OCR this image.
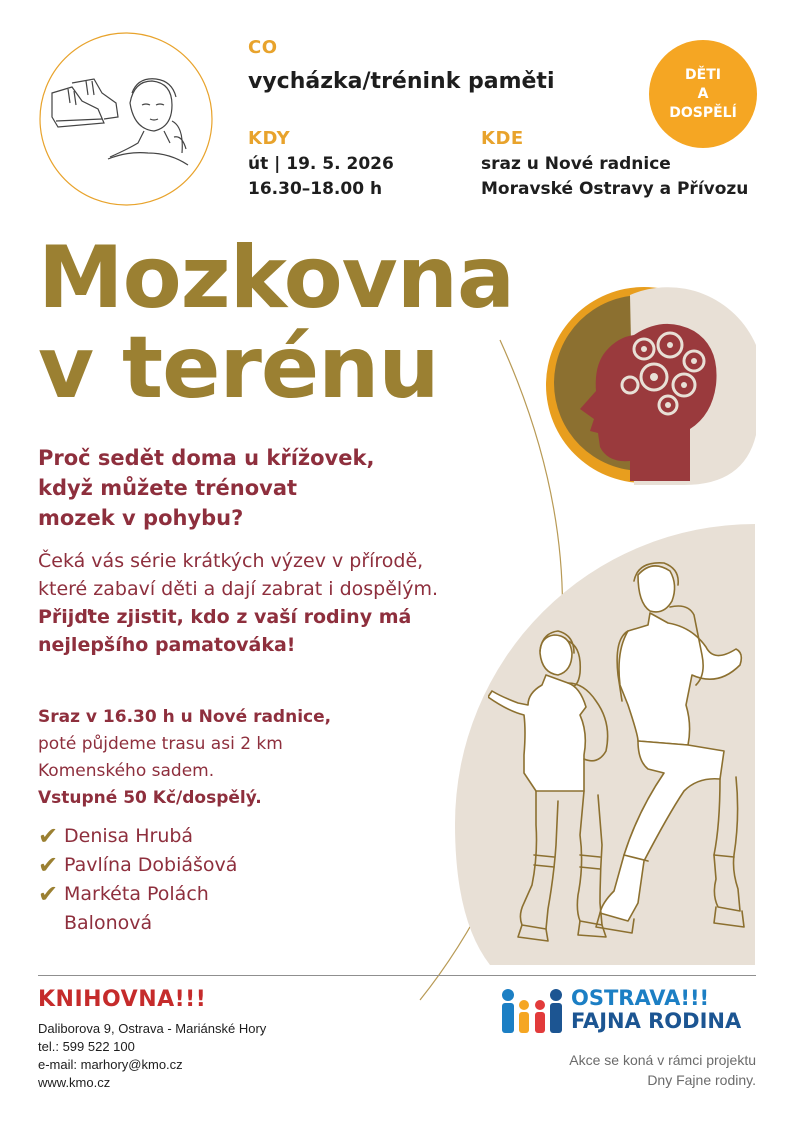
CO
vycházka/trénink paměti
KDY
út | 19. 5. 2026
16.30–18.00 h
KDE
sraz u Nové radnice
Moravské Ostravy a Přívozu
DĚTI
A
DOSPĚLÍ
Mozkovna
v terénu
Proč sedět doma u křížovek,
když můžete trénovat
mozek v pohybu?
Čeká vás série krátkých výzev v přírodě,
které zabaví děti a dají zabrat i dospělým.
Přijďte zjistit, kdo z vaší rodiny má
nejlepšího pamatováka!
Sraz v 16.30 h u Nové radnice,
poté půjdeme trasu asi 2 km
Komenského sadem.
Vstupné 50 Kč/dospělý.
✔ Denisa Hrubá
✔ Pavlína Dobiášová
✔ Markéta Polách
Balonová
KNIHOVNA!!!
Daliborova 9, Ostrava - Mariánské Hory
tel.: 599 522 100
e-mail: marhory@kmo.cz
www.kmo.cz
OSTRAVA!!!
FAJNA RODINA
Akce se koná v rámci projektu
Dny Fajne rodiny.
